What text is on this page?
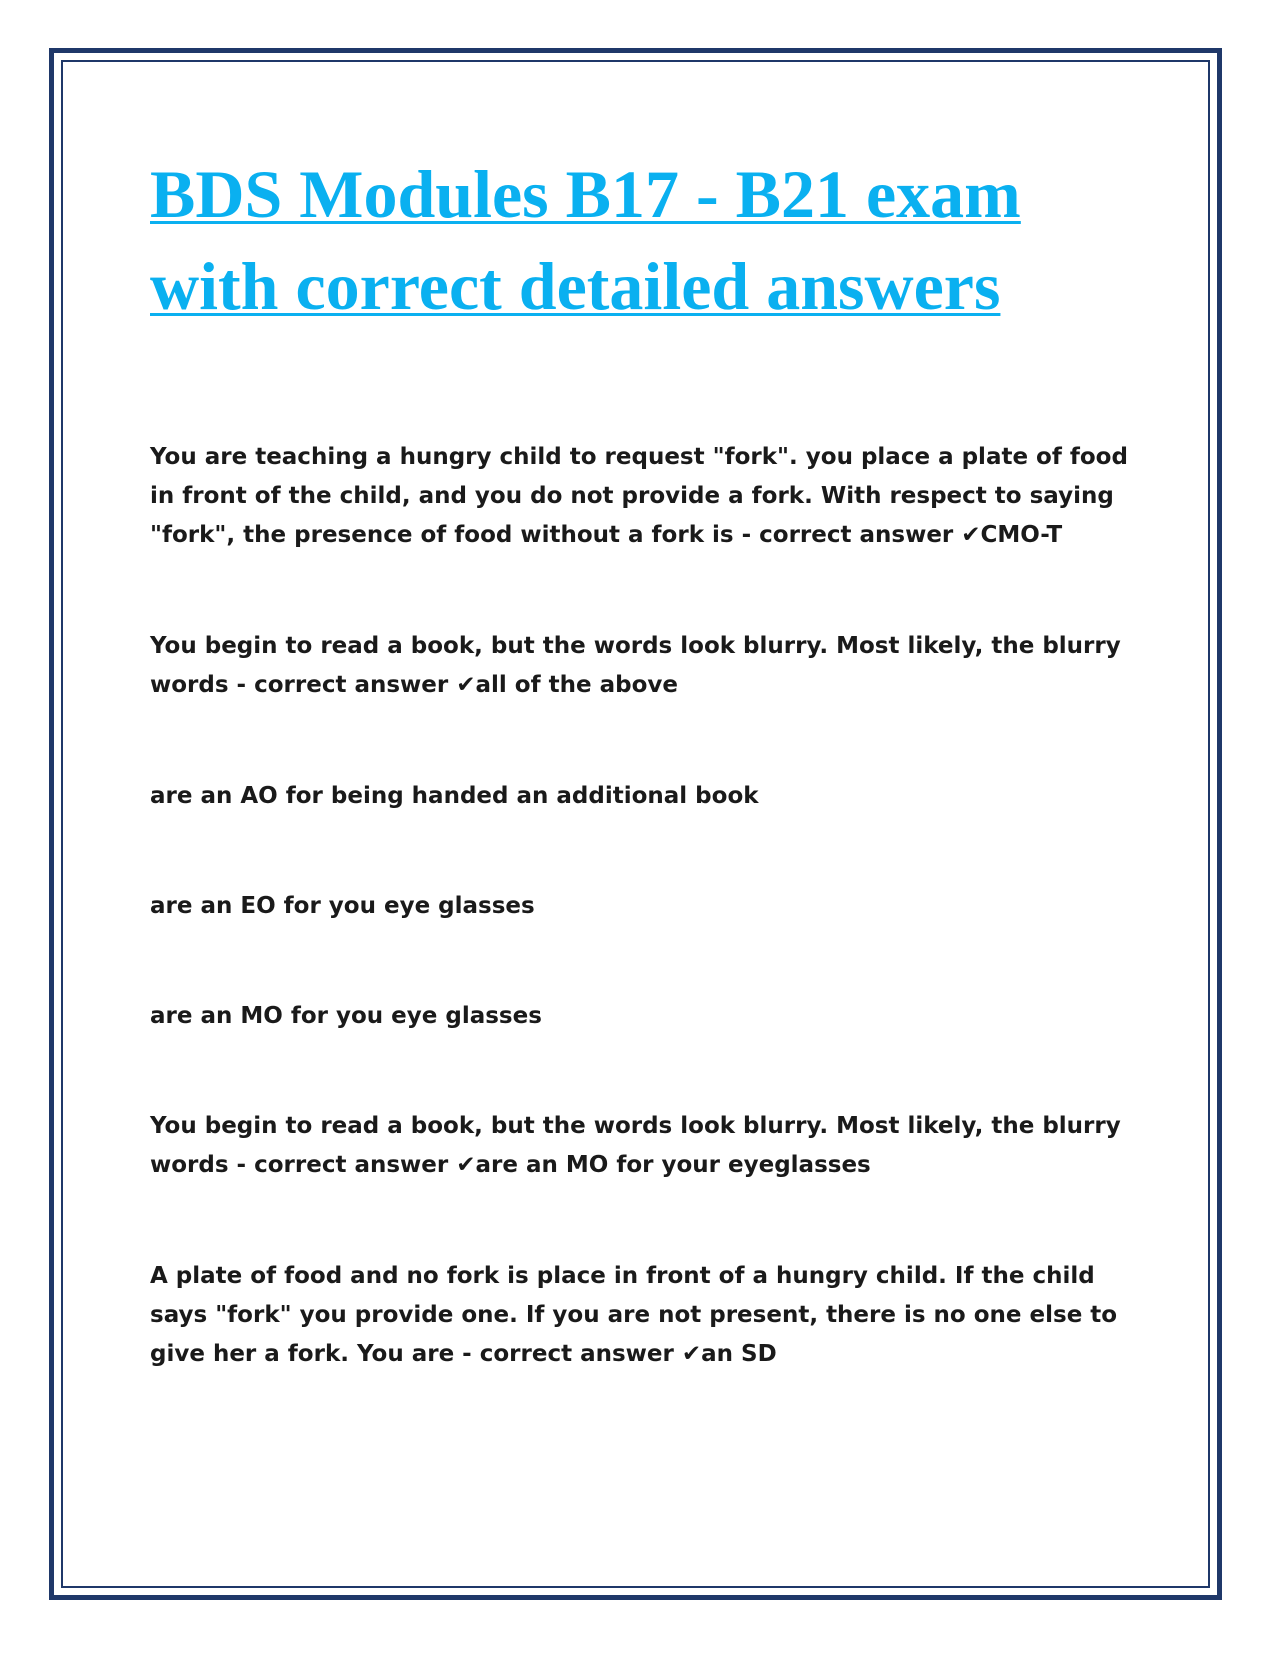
BDS Modules B17 - B21 exam with correct detailed answers

You are teaching a hungry child to request "fork". you place a plate of food in front of the child, and you do not provide a fork. With respect to saying "fork", the presence of food without a fork is - correct answer ✔CMO-T

You begin to read a book, but the words look blurry. Most likely, the blurry words - correct answer ✔all of the above

are an AO for being handed an additional book

are an EO for you eye glasses

are an MO for you eye glasses

You begin to read a book, but the words look blurry. Most likely, the blurry words - correct answer ✔are an MO for your eyeglasses

A plate of food and no fork is place in front of a hungry child. If the child says "fork" you provide one. If you are not present, there is no one else to give her a fork. You are - correct answer ✔an SD
